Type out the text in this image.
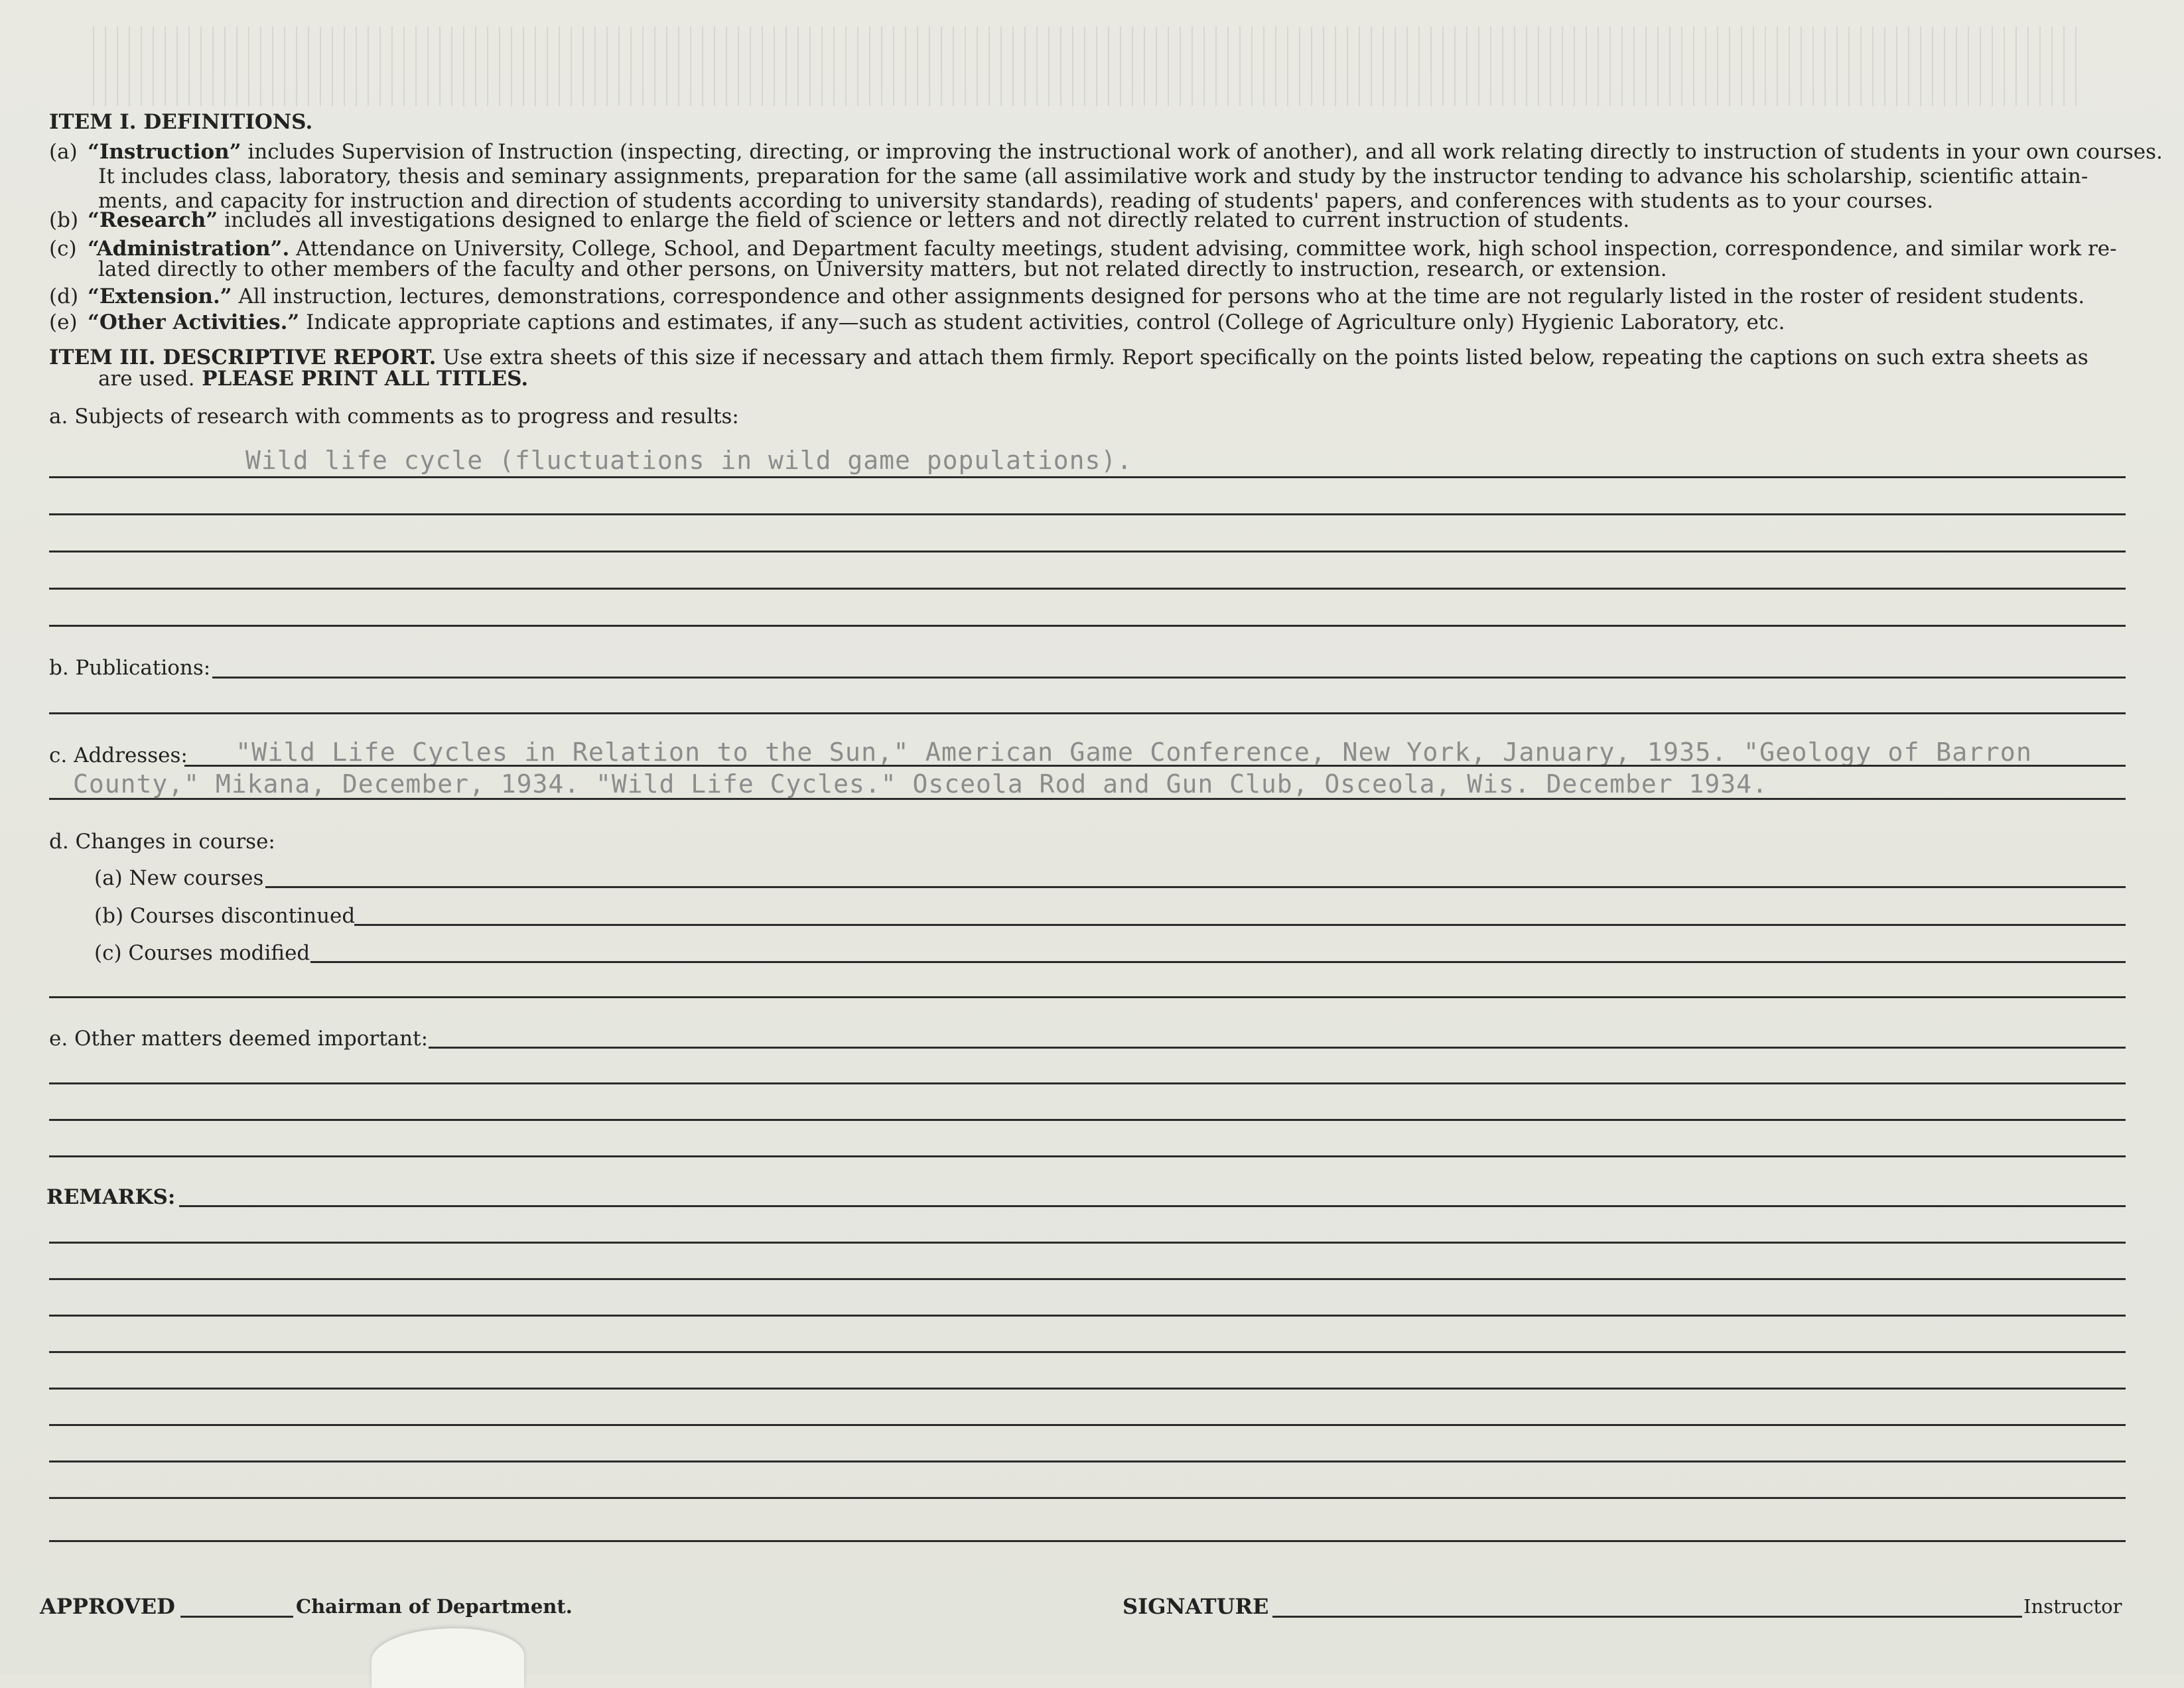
ITEM I. DEFINITIONS.
(a) “Instruction” includes Supervision of Instruction (inspecting, directing, or improving the instructional work of another), and all work relating directly to instruction of students in your own courses.
It includes class, laboratory, thesis and seminary assignments, preparation for the same (all assimilative work and study by the instructor tending to advance his scholarship, scientific attain-
ments, and capacity for instruction and direction of students according to university standards), reading of students' papers, and conferences with students as to your courses.
(b) “Research” includes all investigations designed to enlarge the field of science or letters and not directly related to current instruction of students.
(c) “Administration”. Attendance on University, College, School, and Department faculty meetings, student advising, committee work, high school inspection, correspondence, and similar work re-
lated directly to other members of the faculty and other persons, on University matters, but not related directly to instruction, research, or extension.
(d) “Extension.” All instruction, lectures, demonstrations, correspondence and other assignments designed for persons who at the time are not regularly listed in the roster of resident students.
(e) “Other Activities.” Indicate appropriate captions and estimates, if any—such as student activities, control (College of Agriculture only) Hygienic Laboratory, etc.
ITEM III. DESCRIPTIVE REPORT. Use extra sheets of this size if necessary and attach them firmly. Report specifically on the points listed below, repeating the captions on such extra sheets as
are used. PLEASE PRINT ALL TITLES.
a. Subjects of research with comments as to progress and results:
Wild life cycle (fluctuations in wild game populations).
b. Publications:
c. Addresses: "Wild Life Cycles in Relation to the Sun," American Game Conference, New York, January, 1935. "Geology of Barron
County," Mikana, December, 1934. "Wild Life Cycles." Osceola Rod and Gun Club, Osceola, Wis. December 1934.
d. Changes in course:
(a) New courses
(b) Courses discontinued
(c) Courses modified
e. Other matters deemed important:
REMARKS:
APPROVED	Chairman of Department.	SIGNATURE	Instructor
